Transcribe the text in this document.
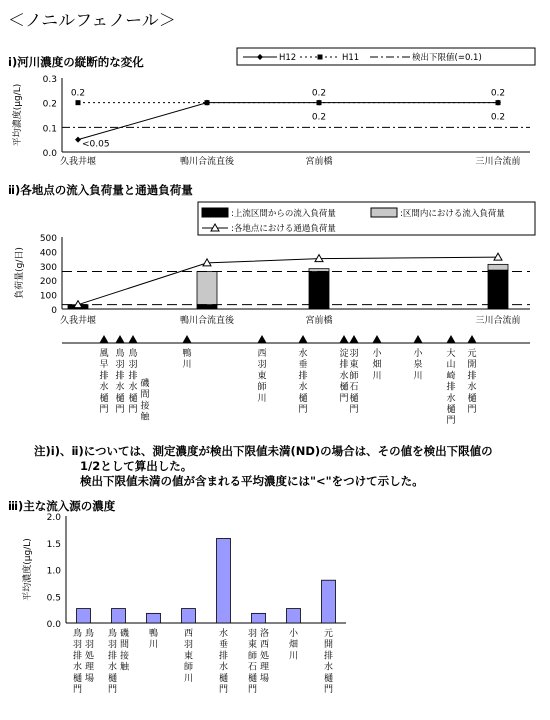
＜ノニルフェノール＞
ⅰ)河川濃度の縦断的な変化
ⅱ)各地点の流入負荷量と通過負荷量
注)ⅰ)、ⅱ)については、測定濃度が検出下限値未満(ND)の場合は、その値を検出下限値の
1/2として算出した。
検出下限値未満の値が含まれる平均濃度には"<"をつけて示した。
ⅲ)主な流入源の濃度
0.0
0.1
0.2
0.3
平均濃度(μg/L)	0.2	0.2	0.2
<0.05
0.2	0.2
久我井堰	鴨川合流直後	宮前橋	三川合流前
H12	H11	検出下限値(=0.1)
:上流区間からの流入負荷量	:区間内における流入負荷量
:各地点における通過負荷量
0
100
200
300
400
500
負荷量(g/日)
久我井堰	鴨川合流直後	宮前橋	三川合流前
風
早
排
水
樋
門
鳥
羽
排
水
樋
門
鳥
羽
排
水
樋
門
鴨
川
西
羽
東
師
川
水
垂
排
水
樋
門
淀
排
水
樋
門
羽
東
師
石
樋
門
小
畑
川
小
泉
川
大
山
崎
排
水
樋
門
元
開
排
水
樋
門
磯
間
接
触
0.0
0.5
1.0
1.5
2.0
平均濃度(μg/L)
鳥
羽
排
水
樋
門
鳥
羽
処
理
場
鳥
羽
排
水
樋
門
磯
間
接
触
鴨
川
西
羽
東
師
川
水
垂
排
水
樋
門
羽
東
師
石
樋
門
洛
西
処
理
場
小
畑
川
元
開
排
水
樋
門
